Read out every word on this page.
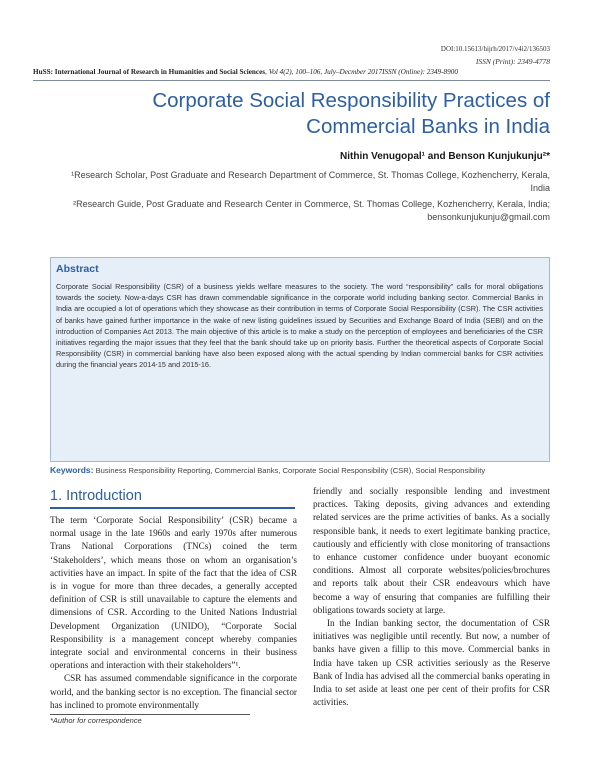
DOI:10.15613/hijrh/2017/v4i2/136503
ISSN (Print): 2349-4778
HuSS: International Journal of Research in Humanities and Social Sciences, Vol 4(2), 100–106, July–Decmber 2017ISSN (Online): 2349-8900
Corporate Social Responsibility Practices of Commercial Banks in India
Nithin Venugopal¹ and Benson Kunjukunju²*
¹Research Scholar, Post Graduate and Research Department of Commerce, St. Thomas College, Kozhencherry, Kerala, India
²Research Guide, Post Graduate and Research Center in Commerce, St. Thomas College, Kozhencherry, Kerala, India; bensonkunjukunju@gmail.com
Abstract

Corporate Social Responsibility (CSR) of a business yields welfare measures to the society. The word “responsibility” calls for moral obligations towards the society. Now-a-days CSR has drawn commendable significance in the corporate world including banking sector. Commercial Banks in India are occupied a lot of operations which they showcase as their contribution in terms of Corporate Social Responsibility (CSR). The CSR activities of banks have gained further importance in the wake of new listing guidelines issued by Securities and Exchange Board of India (SEBI) and on the introduction of Companies Act 2013. The main objective of this article is to make a study on the perception of employees and beneficiaries of the CSR initiatives regarding the major issues that they feel that the bank should take up on priority basis. Further the theoretical aspects of Corporate Social Responsibility (CSR) in commercial banking have also been exposed along with the actual spending by Indian commercial banks for CSR activities during the financial years 2014-15 and 2015-16.

Keywords: Business Responsibility Reporting, Commercial Banks, Corporate Social Responsibility (CSR), Social Responsibility
1. Introduction

The term ‘Corporate Social Responsibility’ (CSR) became a normal usage in the late 1960s and early 1970s after numerous Trans National Corporations (TNCs) coined the term ‘Stakeholders’, which means those on whom an organisation’s activities have an impact. In spite of the fact that the idea of CSR is in vogue for more than three decades, a generally accepted definition of CSR is still unavailable to capture the elements and dimensions of CSR. According to the United Nations Industrial Development Organization (UNIDO), “Corporate Social Responsibility is a management concept whereby companies integrate social and environmental concerns in their business operations and interaction with their stakeholders”¹.

CSR has assumed commendable significance in the corporate world, and the banking sector is no exception. The financial sector has inclined to promote environmentally

friendly and socially responsible lending and investment practices. Taking deposits, giving advances and extending related services are the prime activities of banks. As a socially responsible bank, it needs to exert legitimate banking practice, cautiously and efficiently with close monitoring of transactions to enhance customer confidence under buoyant economic conditions. Almost all corporate websites/policies/brochures and reports talk about their CSR endeavours which have become a way of ensuring that companies are fulfilling their obligations towards society at large.

In the Indian banking sector, the documentation of CSR initiatives was negligible until recently. But now, a number of banks have given a fillip to this move. Commercial banks in India have taken up CSR activities seriously as the Reserve Bank of India has advised all the commercial banks operating in India to set aside at least one per cent of their profits for CSR activities.

*Author for correspondence
